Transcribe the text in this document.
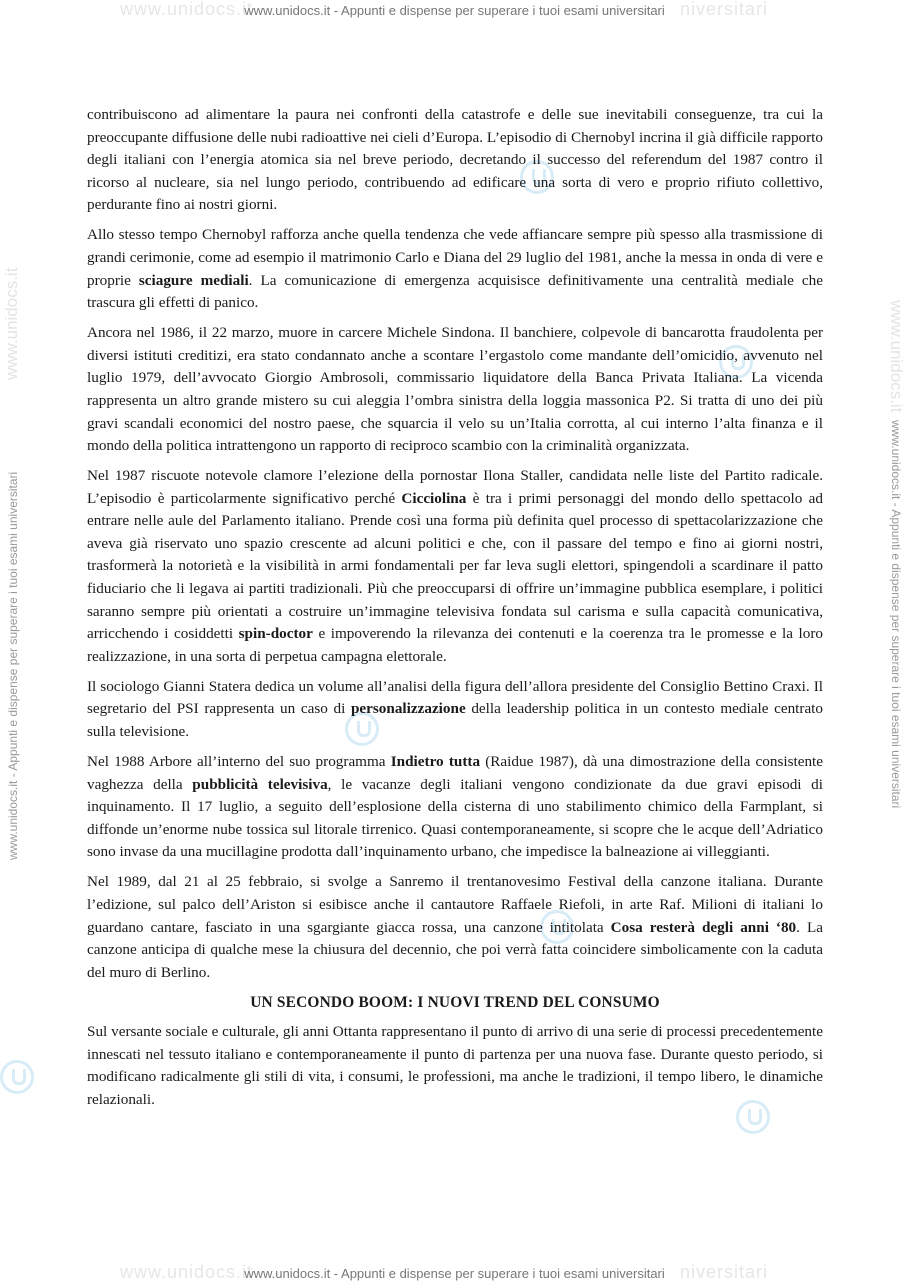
www.unidocs.it	niversitari
www.unidocs.it - Appunti e dispense per superare i tuoi esami universitari
www.unidocs.it
www.unidocs.it - Appunti e dispense per superare i tuoi esami universitari
www.unidocs.it
www.unidocs.it - Appunti e dispense per superare i tuoi esami universitari

contribuiscono ad alimentare la paura nei confronti della catastrofe e delle sue inevitabili conseguenze, tra cui la preoccupante diffusione delle nubi radioattive nei cieli d’Europa. L’episodio di Chernobyl incrina il già difficile rapporto degli italiani con l’energia atomica sia nel breve periodo, decretando il successo del referendum del 1987 contro il ricorso al nucleare, sia nel lungo periodo, contribuendo ad edificare una sorta di vero e proprio rifiuto collettivo, perdurante fino ai nostri giorni.

Allo stesso tempo Chernobyl rafforza anche quella tendenza che vede affiancare sempre più spesso alla trasmissione di grandi cerimonie, come ad esempio il matrimonio Carlo e Diana del 29 luglio del 1981, anche la messa in onda di vere e proprie sciagure mediali. La comunicazione di emergenza acquisisce definitivamente una centralità mediale che trascura gli effetti di panico.

Ancora nel 1986, il 22 marzo, muore in carcere Michele Sindona. Il banchiere, colpevole di bancarotta fraudolenta per diversi istituti creditizi, era stato condannato anche a scontare l’ergastolo come mandante dell’omicidio, avvenuto nel luglio 1979, dell’avvocato Giorgio Ambrosoli, commissario liquidatore della Banca Privata Italiana. La vicenda rappresenta un altro grande mistero su cui aleggia l’ombra sinistra della loggia massonica P2. Si tratta di uno dei più gravi scandali economici del nostro paese, che squarcia il velo su un’Italia corrotta, al cui interno l’alta finanza e il mondo della politica intrattengono un rapporto di reciproco scambio con la criminalità organizzata.

Nel 1987 riscuote notevole clamore l’elezione della pornostar Ilona Staller, candidata nelle liste del Partito radicale. L’episodio è particolarmente significativo perché Cicciolina è tra i primi personaggi del mondo dello spettacolo ad entrare nelle aule del Parlamento italiano. Prende così una forma più definita quel processo di spettacolarizzazione che aveva già riservato uno spazio crescente ad alcuni politici e che, con il passare del tempo e fino ai giorni nostri, trasformerà la notorietà e la visibilità in armi fondamentali per far leva sugli elettori, spingendoli a scardinare il patto fiduciario che li legava ai partiti tradizionali. Più che preoccuparsi di offrire un’immagine pubblica esemplare, i politici saranno sempre più orientati a costruire un’immagine televisiva fondata sul carisma e sulla capacità comunicativa, arricchendo i cosiddetti spin-doctor e impoverendo la rilevanza dei contenuti e la coerenza tra le promesse e la loro realizzazione, in una sorta di perpetua campagna elettorale.

Il sociologo Gianni Statera dedica un volume all’analisi della figura dell’allora presidente del Consiglio Bettino Craxi. Il segretario del PSI rappresenta un caso di personalizzazione della leadership politica in un contesto mediale centrato sulla televisione.

Nel 1988 Arbore all’interno del suo programma Indietro tutta (Raidue 1987), dà una dimostrazione della consistente vaghezza della pubblicità televisiva, le vacanze degli italiani vengono condizionate da due gravi episodi di inquinamento. Il 17 luglio, a seguito dell’esplosione della cisterna di uno stabilimento chimico della Farmplant, si diffonde un’enorme nube tossica sul litorale tirrenico. Quasi contemporaneamente, si scopre che le acque dell’Adriatico sono invase da una mucillagine prodotta dall’inquinamento urbano, che impedisce la balneazione ai villeggianti.

Nel 1989, dal 21 al 25 febbraio, si svolge a Sanremo il trentanovesimo Festival della canzone italiana. Durante l’edizione, sul palco dell’Ariston si esibisce anche il cantautore Raffaele Riefoli, in arte Raf. Milioni di italiani lo guardano cantare, fasciato in una sgargiante giacca rossa, una canzone intitolata Cosa resterà degli anni ‘80. La canzone anticipa di qualche mese la chiusura del decennio, che poi verrà fatta coincidere simbolicamente con la caduta del muro di Berlino.

UN SECONDO BOOM: I NUOVI TREND DEL CONSUMO

Sul versante sociale e culturale, gli anni Ottanta rappresentano il punto di arrivo di una serie di processi precedentemente innescati nel tessuto italiano e contemporaneamente il punto di partenza per una nuova fase. Durante questo periodo, si modificano radicalmente gli stili di vita, i consumi, le professioni, ma anche le tradizioni, il tempo libero, le dinamiche relazionali.

www.unidocs.it	niversitari
www.unidocs.it - Appunti e dispense per superare i tuoi esami universitari
